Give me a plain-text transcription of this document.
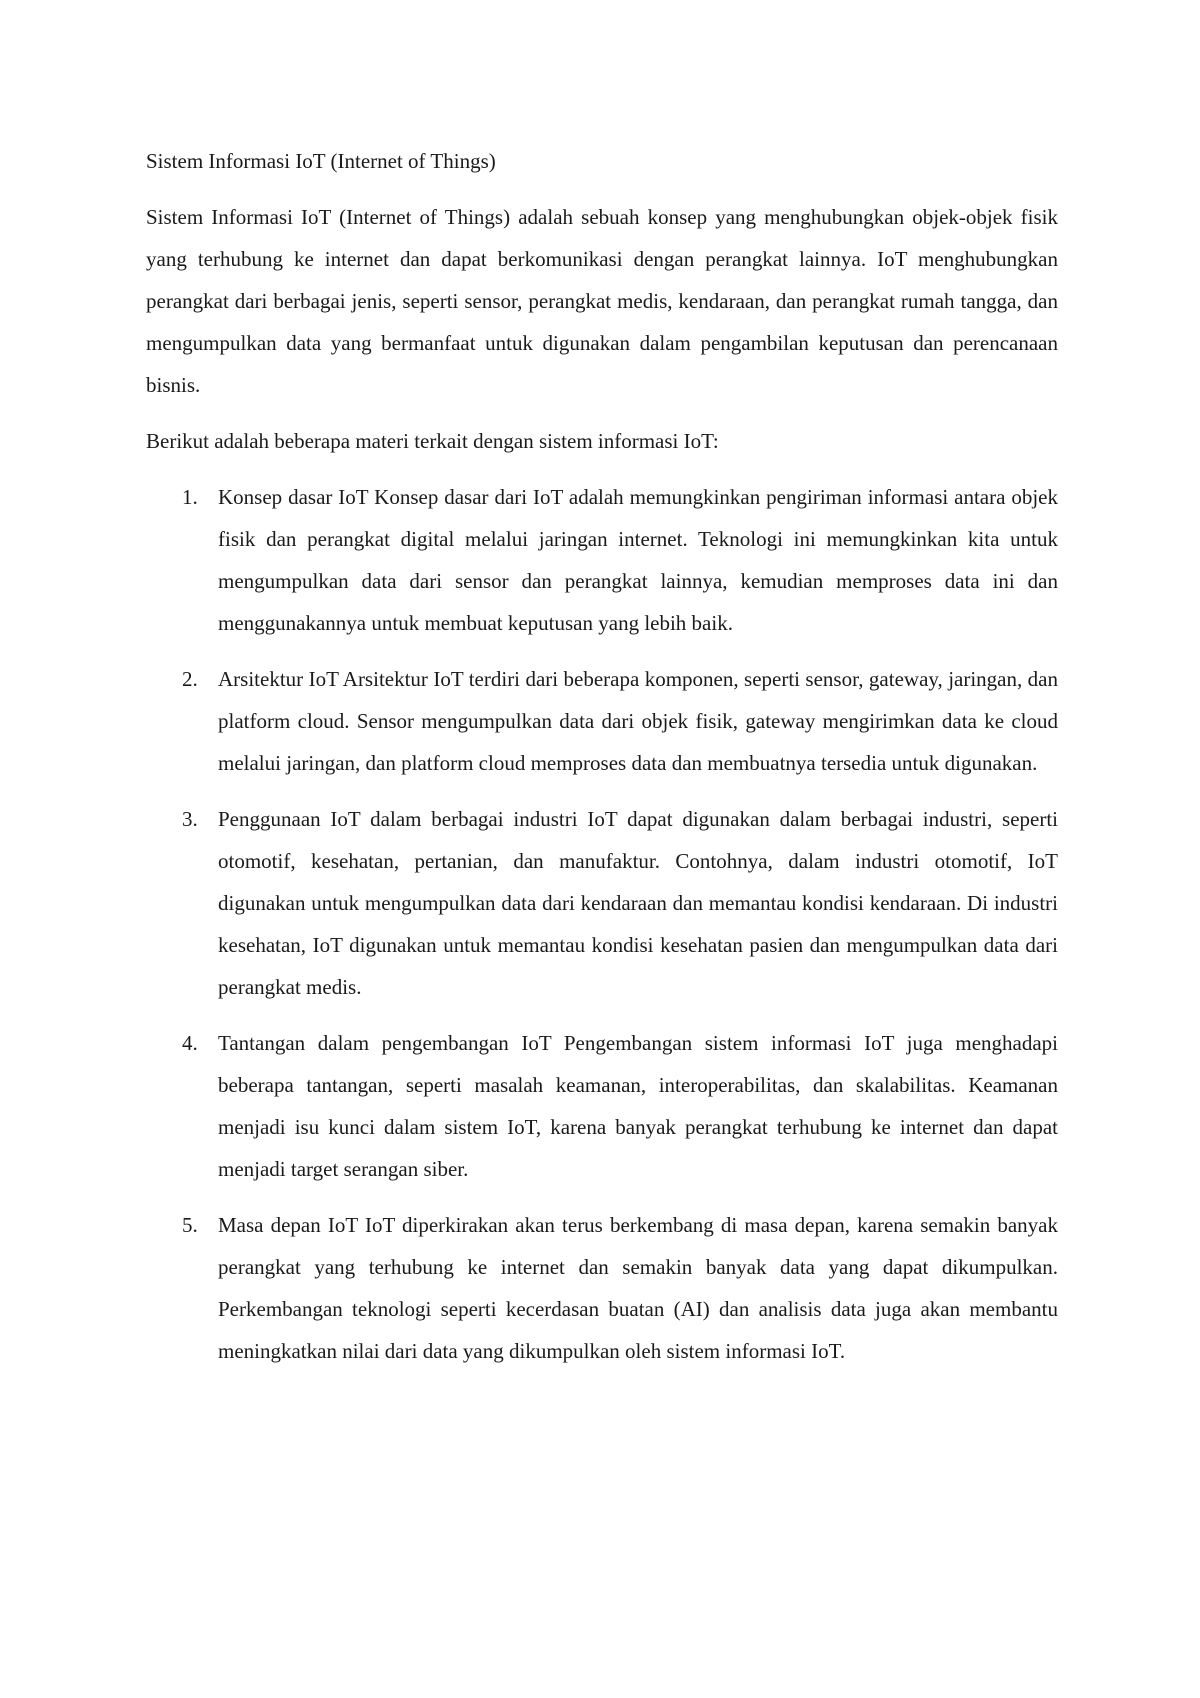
Sistem Informasi IoT (Internet of Things)

Sistem Informasi IoT (Internet of Things) adalah sebuah konsep yang menghubungkan objek-objek fisik yang terhubung ke internet dan dapat berkomunikasi dengan perangkat lainnya. IoT menghubungkan perangkat dari berbagai jenis, seperti sensor, perangkat medis, kendaraan, dan perangkat rumah tangga, dan mengumpulkan data yang bermanfaat untuk digunakan dalam pengambilan keputusan dan perencanaan bisnis.

Berikut adalah beberapa materi terkait dengan sistem informasi IoT:

1. Konsep dasar IoT Konsep dasar dari IoT adalah memungkinkan pengiriman informasi antara objek fisik dan perangkat digital melalui jaringan internet. Teknologi ini memungkinkan kita untuk mengumpulkan data dari sensor dan perangkat lainnya, kemudian memproses data ini dan menggunakannya untuk membuat keputusan yang lebih baik.
2. Arsitektur IoT Arsitektur IoT terdiri dari beberapa komponen, seperti sensor, gateway, jaringan, dan platform cloud. Sensor mengumpulkan data dari objek fisik, gateway mengirimkan data ke cloud melalui jaringan, dan platform cloud memproses data dan membuatnya tersedia untuk digunakan.
3. Penggunaan IoT dalam berbagai industri IoT dapat digunakan dalam berbagai industri, seperti otomotif, kesehatan, pertanian, dan manufaktur. Contohnya, dalam industri otomotif, IoT digunakan untuk mengumpulkan data dari kendaraan dan memantau kondisi kendaraan. Di industri kesehatan, IoT digunakan untuk memantau kondisi kesehatan pasien dan mengumpulkan data dari perangkat medis.
4. Tantangan dalam pengembangan IoT Pengembangan sistem informasi IoT juga menghadapi beberapa tantangan, seperti masalah keamanan, interoperabilitas, dan skalabilitas. Keamanan menjadi isu kunci dalam sistem IoT, karena banyak perangkat terhubung ke internet dan dapat menjadi target serangan siber.
5. Masa depan IoT IoT diperkirakan akan terus berkembang di masa depan, karena semakin banyak perangkat yang terhubung ke internet dan semakin banyak data yang dapat dikumpulkan. Perkembangan teknologi seperti kecerdasan buatan (AI) dan analisis data juga akan membantu meningkatkan nilai dari data yang dikumpulkan oleh sistem informasi IoT.
